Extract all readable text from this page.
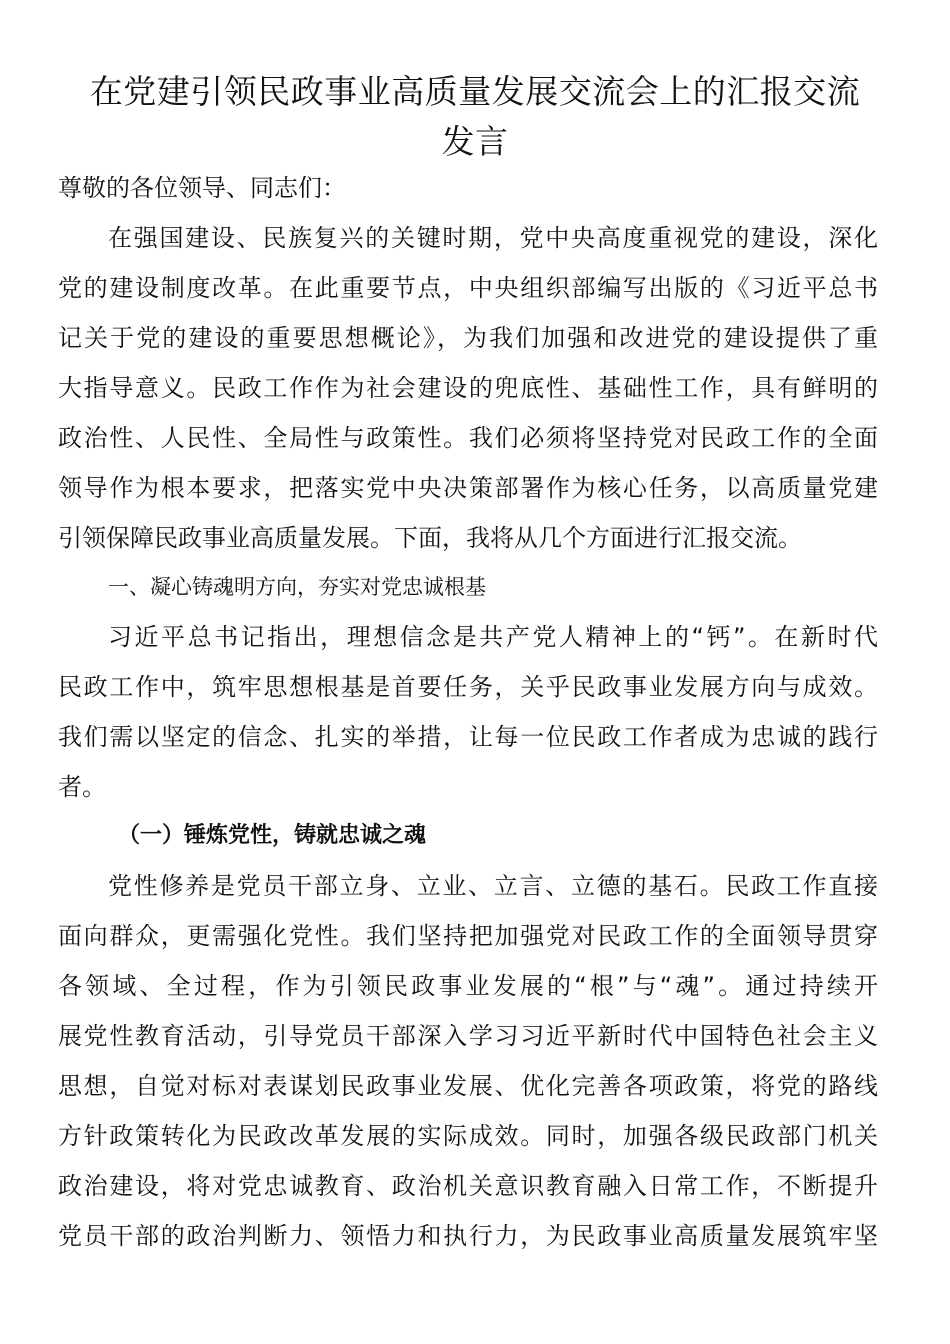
在党建引领民政事业高质量发展交流会上的汇报交流
发言

尊敬的各位领导、同志们：

在强国建设、民族复兴的关键时期，党中央高度重视党的建设，深化

党的建设制度改革。在此重要节点，中央组织部编写出版的《习近平总书

记关于党的建设的重要思想概论》，为我们加强和改进党的建设提供了重

大指导意义。民政工作作为社会建设的兜底性、基础性工作，具有鲜明的

政治性、人民性、全局性与政策性。我们必须将坚持党对民政工作的全面

领导作为根本要求，把落实党中央决策部署作为核心任务，以高质量党建

引领保障民政事业高质量发展。下面，我将从几个方面进行汇报交流。

一、凝心铸魂明方向，夯实对党忠诚根基

习近平总书记指出，理想信念是共产党人精神上的“钙”。在新时代

民政工作中，筑牢思想根基是首要任务，关乎民政事业发展方向与成效。

我们需以坚定的信念、扎实的举措，让每一位民政工作者成为忠诚的践行

者。

（一）锤炼党性，铸就忠诚之魂

党性修养是党员干部立身、立业、立言、立德的基石。民政工作直接

面向群众，更需强化党性。我们坚持把加强党对民政工作的全面领导贯穿

各领域、全过程，作为引领民政事业发展的“根”与“魂”。通过持续开

展党性教育活动，引导党员干部深入学习习近平新时代中国特色社会主义

思想，自觉对标对表谋划民政事业发展、优化完善各项政策，将党的路线

方针政策转化为民政改革发展的实际成效。同时，加强各级民政部门机关

政治建设，将对党忠诚教育、政治机关意识教育融入日常工作，不断提升

党员干部的政治判断力、领悟力和执行力，为民政事业高质量发展筑牢坚
